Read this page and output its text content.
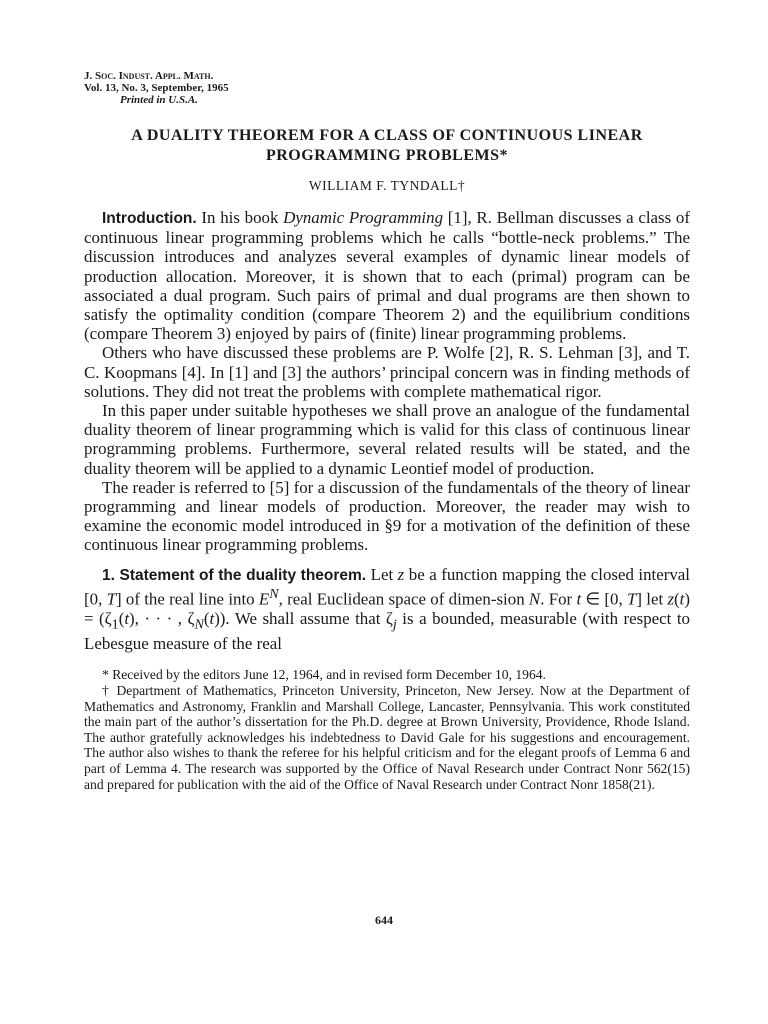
J. Soc. Indust. Appl. Math.
Vol. 13, No. 3, September, 1965
Printed in U.S.A.
A DUALITY THEOREM FOR A CLASS OF CONTINUOUS LINEAR
PROGRAMMING PROBLEMS*
WILLIAM F. TYNDALL†

Introduction. In his book Dynamic Programming [1], R. Bellman discusses a class of continuous linear programming problems which he calls “bottle-neck problems.” The discussion introduces and analyzes several examples of dynamic linear models of production allocation. Moreover, it is shown that to each (primal) program can be associated a dual program. Such pairs of primal and dual programs are then shown to satisfy the optimality condition (compare Theorem 2) and the equilibrium conditions (compare Theorem 3) enjoyed by pairs of (finite) linear programming problems.

Others who have discussed these problems are P. Wolfe [2], R. S. Lehman [3], and T. C. Koopmans [4]. In [1] and [3] the authors’ principal concern was in finding methods of solutions. They did not treat the problems with complete mathematical rigor.

In this paper under suitable hypotheses we shall prove an analogue of the fundamental duality theorem of linear programming which is valid for this class of continuous linear programming problems. Furthermore, several related results will be stated, and the duality theorem will be applied to a dynamic Leontief model of production.

The reader is referred to [5] for a discussion of the fundamentals of the theory of linear programming and linear models of production. Moreover, the reader may wish to examine the economic model introduced in §9 for a motivation of the definition of these continuous linear programming problems.

1. Statement of the duality theorem. Let z be a function mapping the closed interval [0, T] of the real line into $E^N$, real Euclidean space of dimen-sion N. For t ∈ [0, T] let $z(t) = (\zeta_1(t)$, · · · , $\zeta_N(t)$). We shall assume that $\zeta_j$ is a bounded, measurable (with respect to Lebesgue measure of the real

* Received by the editors June 12, 1964, and in revised form December 10, 1964.

† Department of Mathematics, Princeton University, Princeton, New Jersey. Now at the Department of Mathematics and Astronomy, Franklin and Marshall College, Lancaster, Pennsylvania. This work constituted the main part of the author’s dissertation for the Ph.D. degree at Brown University, Providence, Rhode Island. The author gratefully acknowledges his indebtedness to David Gale for his suggestions and encouragement. The author also wishes to thank the referee for his helpful criticism and for the elegant proofs of Lemma 6 and part of Lemma 4. The research was supported by the Office of Naval Research under Contract Nonr 562(15) and prepared for publication with the aid of the Office of Naval Research under Contract Nonr 1858(21).

644
